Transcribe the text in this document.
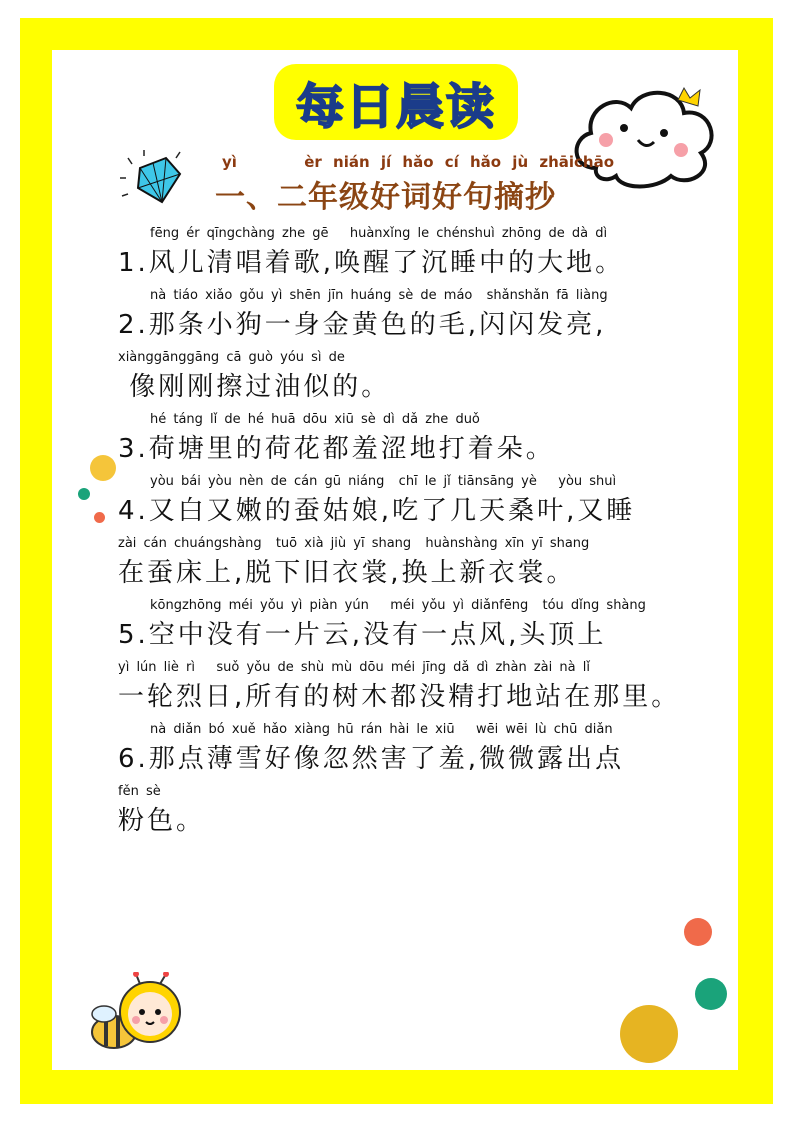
每日晨读
yì      èr nián jí hǎo cí hǎo jù zhāichāo
一、二年级好词好句摘抄
fēng ér qīngchàng zhe gē   huànxǐng le chénshuì zhōng de dà dì
1.风儿清唱着歌,唤醒了沉睡中的大地。
nà tiáo xiǎo gǒu yì shēn jīn huáng sè de máo  shǎnshǎn fā liàng
2.那条小狗一身金黄色的毛,闪闪发亮,
xiànggānggāng cā guò yóu sì de
像刚刚擦过油似的。
hé táng lǐ de hé huā dōu xiū sè dì dǎ zhe duǒ
3.荷塘里的荷花都羞涩地打着朵。
yòu bái yòu nèn de cán gū niáng  chī le jǐ tiānsāng yè   yòu shuì
4.又白又嫩的蚕姑娘,吃了几天桑叶,又睡
zài cán chuángshàng  tuō xià jiù yī shang  huànshàng xīn yī shang
在蚕床上,脱下旧衣裳,换上新衣裳。
kōngzhōng méi yǒu yì piàn yún   méi yǒu yì diǎnfēng  tóu dǐng shàng
5.空中没有一片云,没有一点风,头顶上
yì lún liè rì   suǒ yǒu de shù mù dōu méi jīng dǎ dì zhàn zài nà lǐ
一轮烈日,所有的树木都没精打地站在那里。
nà diǎn bó xuě hǎo xiàng hū rán hài le xiū   wēi wēi lù chū diǎn
6.那点薄雪好像忽然害了羞,微微露出点
fěn sè
粉色。
